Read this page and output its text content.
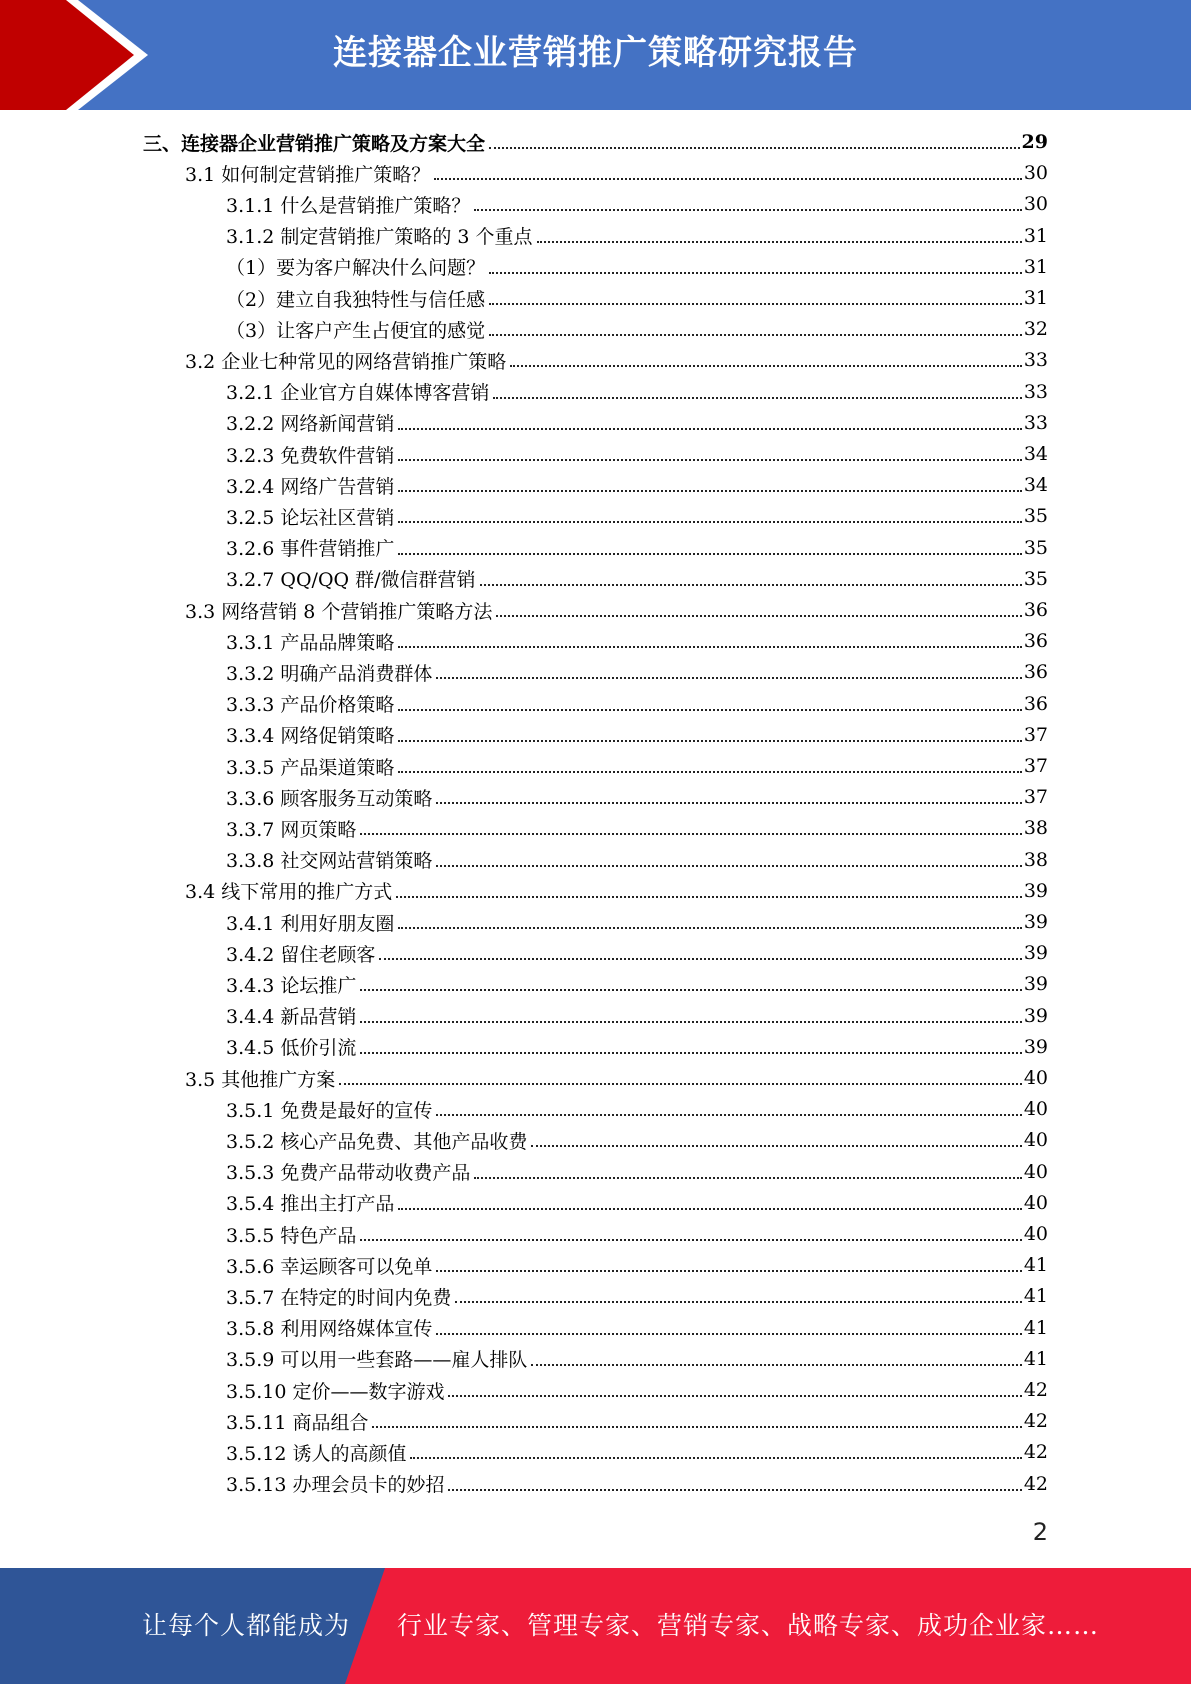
连接器企业营销推广策略研究报告
三、连接器企业营销推广策略及方案大全	29
3.1 如何制定营销推广策略？	30
3.1.1 什么是营销推广策略？	30
3.1.2 制定营销推广策略的 3 个重点	31
（1）要为客户解决什么问题？	31
（2）建立自我独特性与信任感	31
（3）让客户产生占便宜的感觉	32
3.2 企业七种常见的网络营销推广策略	33
3.2.1 企业官方自媒体博客营销	33
3.2.2 网络新闻营销	33
3.2.3 免费软件营销	34
3.2.4 网络广告营销	34
3.2.5 论坛社区营销	35
3.2.6 事件营销推广	35
3.2.7 QQ/QQ 群/微信群营销	35
3.3 网络营销 8 个营销推广策略方法	36
3.3.1 产品品牌策略	36
3.3.2 明确产品消费群体	36
3.3.3 产品价格策略	36
3.3.4 网络促销策略	37
3.3.5 产品渠道策略	37
3.3.6 顾客服务互动策略	37
3.3.7 网页策略	38
3.3.8 社交网站营销策略	38
3.4 线下常用的推广方式	39
3.4.1 利用好朋友圈	39
3.4.2 留住老顾客	39
3.4.3 论坛推广	39
3.4.4 新品营销	39
3.4.5 低价引流	39
3.5 其他推广方案	40
3.5.1 免费是最好的宣传	40
3.5.2 核心产品免费、其他产品收费	40
3.5.3 免费产品带动收费产品	40
3.5.4 推出主打产品	40
3.5.5 特色产品	40
3.5.6 幸运顾客可以免单	41
3.5.7 在特定的时间内免费	41
3.5.8 利用网络媒体宣传	41
3.5.9 可以用一些套路——雇人排队	41
3.5.10 定价——数字游戏	42
3.5.11 商品组合	42
3.5.12 诱人的高颜值	42
3.5.13 办理会员卡的妙招	42
2
让每个人都能成为 行业专家、管理专家、营销专家、战略专家、成功企业家……
